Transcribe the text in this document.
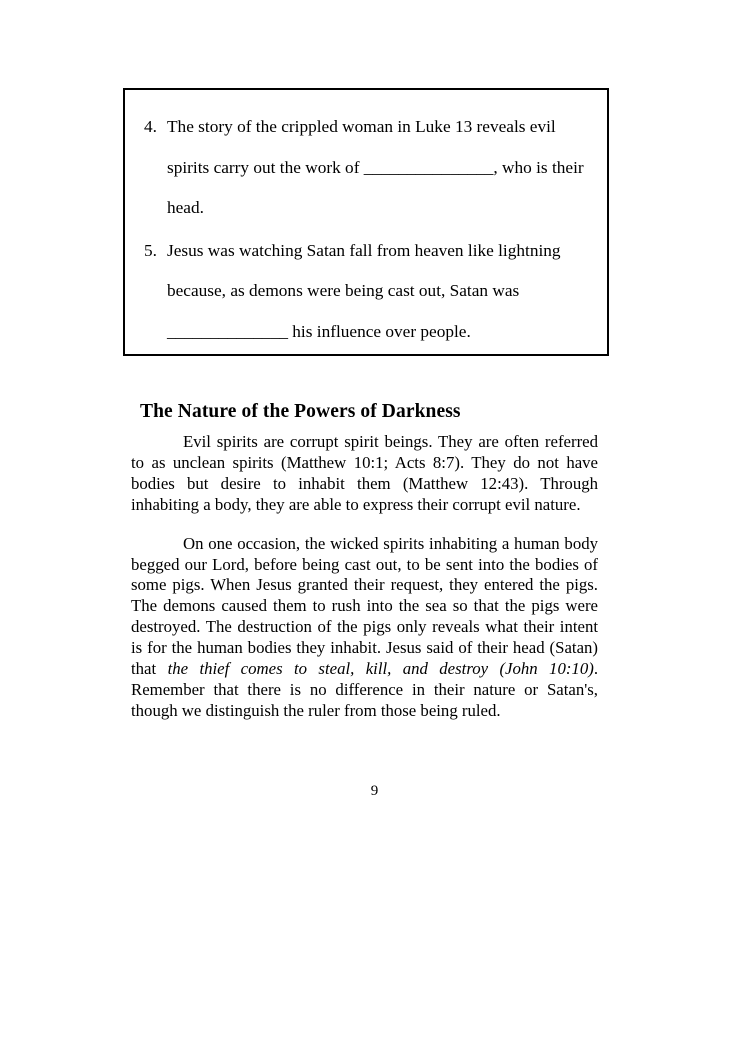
4. The story of the crippled woman in Luke 13 reveals evil spirits carry out the work of _______________, who is their head.
5. Jesus was watching Satan fall from heaven like lightning because, as demons were being cast out, Satan was ______________ his influence over people.
The Nature of the Powers of Darkness

Evil spirits are corrupt spirit beings. They are often referred to as unclean spirits (Matthew 10:1; Acts 8:7). They do not have bodies but desire to inhabit them (Matthew 12:43). Through inhabiting a body, they are able to express their corrupt evil nature.

On one occasion, the wicked spirits inhabiting a human body begged our Lord, before being cast out, to be sent into the bodies of some pigs. When Jesus granted their request, they entered the pigs. The demons caused them to rush into the sea so that the pigs were destroyed. The destruction of the pigs only reveals what their intent is for the human bodies they inhabit. Jesus said of their head (Satan) that the thief comes to steal, kill, and destroy (John 10:10). Remember that there is no difference in their nature or Satan's, though we distinguish the ruler from those being ruled.

9
